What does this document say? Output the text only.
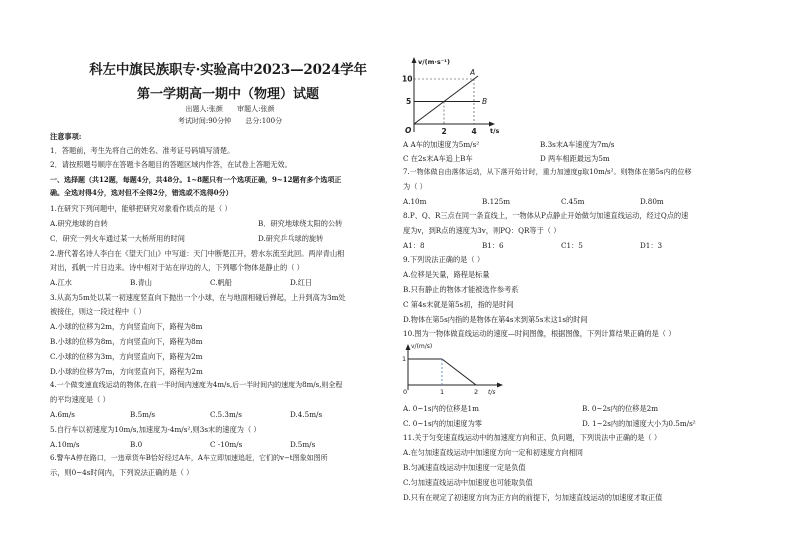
科左中旗民族职专·实验高中2023—2024学年
第一学期高一期中（物理）试题
出题人:张颜 审题人:张颜
考试时间:90分钟 总分:100分
注意事项:
1．答题前，考生先将自己的姓名、准考证号码填写清楚。
2．请按照题号顺序在答题卡各题目的答题区域内作答，在试卷上答题无效。
一、选择题（共12题，每题4分，共48分。1~8题只有一个选项正确，9~12题有多个选项正
确。全选对得4分，选对但不全得2分，错选或不选得0分）
1.在研究下列问题中，能够把研究对象看作质点的是（ ）
A.研究地球的自转	B．研究地球绕太阳的公转
C．研究一列火车通过某一大桥所用的时间	D.研究乒乓球的旋转
2.唐代著名诗人李白在《望天门山》中写道：天门中断楚江开，碧水东流至此回。两岸青山相
对出，孤帆一片日边来。诗中相对于站在岸边的人，下列哪个物体是静止的（ ）
A.江水	B.青山	C.帆船	D.红日
3.从高为5m处以某一初速度竖直向下抛出一个小球，在与地面相碰后弹起，上升到高为3m处
被接住，则这一段过程中（ ）
A.小球的位移为2m，方向竖直向下，路程为8m
B.小球的位移为8m，方向竖直向下，路程为8m
C.小球的位移为3m，方向竖直向下，路程为2m
D.小球的位移为7m，方向竖直向下，路程为2m
4.一个做变速直线运动的物体,在前一半时间内速度为4m/s,后一半时间内的速度为8m/s,则全程
的平均速度是（ ）
A.6m/s	B.5m/s	C.5.3m/s	D.4.5m/s
5.自行车以初速度为10m/s,加速度为-4m/s²,则3s末的速度为（ ）
A.10m/s	B.0	C -10m/s	D.5m/s
6.警车A停在路口，一违章货车B恰好经过A车，A车立即加速追赶，它们的v−t图象如图所
示，则0~4s时间内，下列说法正确的是（ ）
v/(m·s⁻¹)
10
5
O	2	4 t/s
A
B
A A车的加速度为5m/s²	B.3s末A车速度为7m/s
C 在2s末A车追上B车	D 两车相距最远为5m
7.一物体做自由落体运动，从下落开始计时，重力加速度g取10m/s²。则物体在第5s内的位移
为（ ）
A.10m	B.125m	C.45m	D.80m
8.P、Q、R三点在同一条直线上，一物体从P点静止开始做匀加速直线运动，经过Q点的速
度为v，到R点的速度为3v，则PQ：QR等于（ ）
A1：8	B1：6	C1：5	D1：3
9.下列说法正确的是（ ）
A.位移是矢量，路程是标量
B.只有静止的物体才能被选作参考系
C 第4s末就是第5s初，指的是时间
D.物体在第5s内指的是物体在第4s末到第5s末这1s的时间
10.图为一物体做直线运动的速度—时间图像，根据图像，下列计算结果正确的是（ ）
v/(m/s)
1
0	1	2 t/s
A. 0~1s内的位移是1m	B. 0~2s内的位移是2m
C. 0~1s内的加速度为零	D. 1~2s内的加速度大小为0.5m/s²
11.关于匀变速直线运动中的加速度方向和正、负问题，下列说法中正确的是（ ）
A.在匀加速直线运动中加速度方向一定和初速度方向相同
B.匀减速直线运动中加速度一定是负值
C.匀加速直线运动中加速度也可能取负值
D.只有在规定了初速度方向为正方向的前提下，匀加速直线运动的加速度才取正值
